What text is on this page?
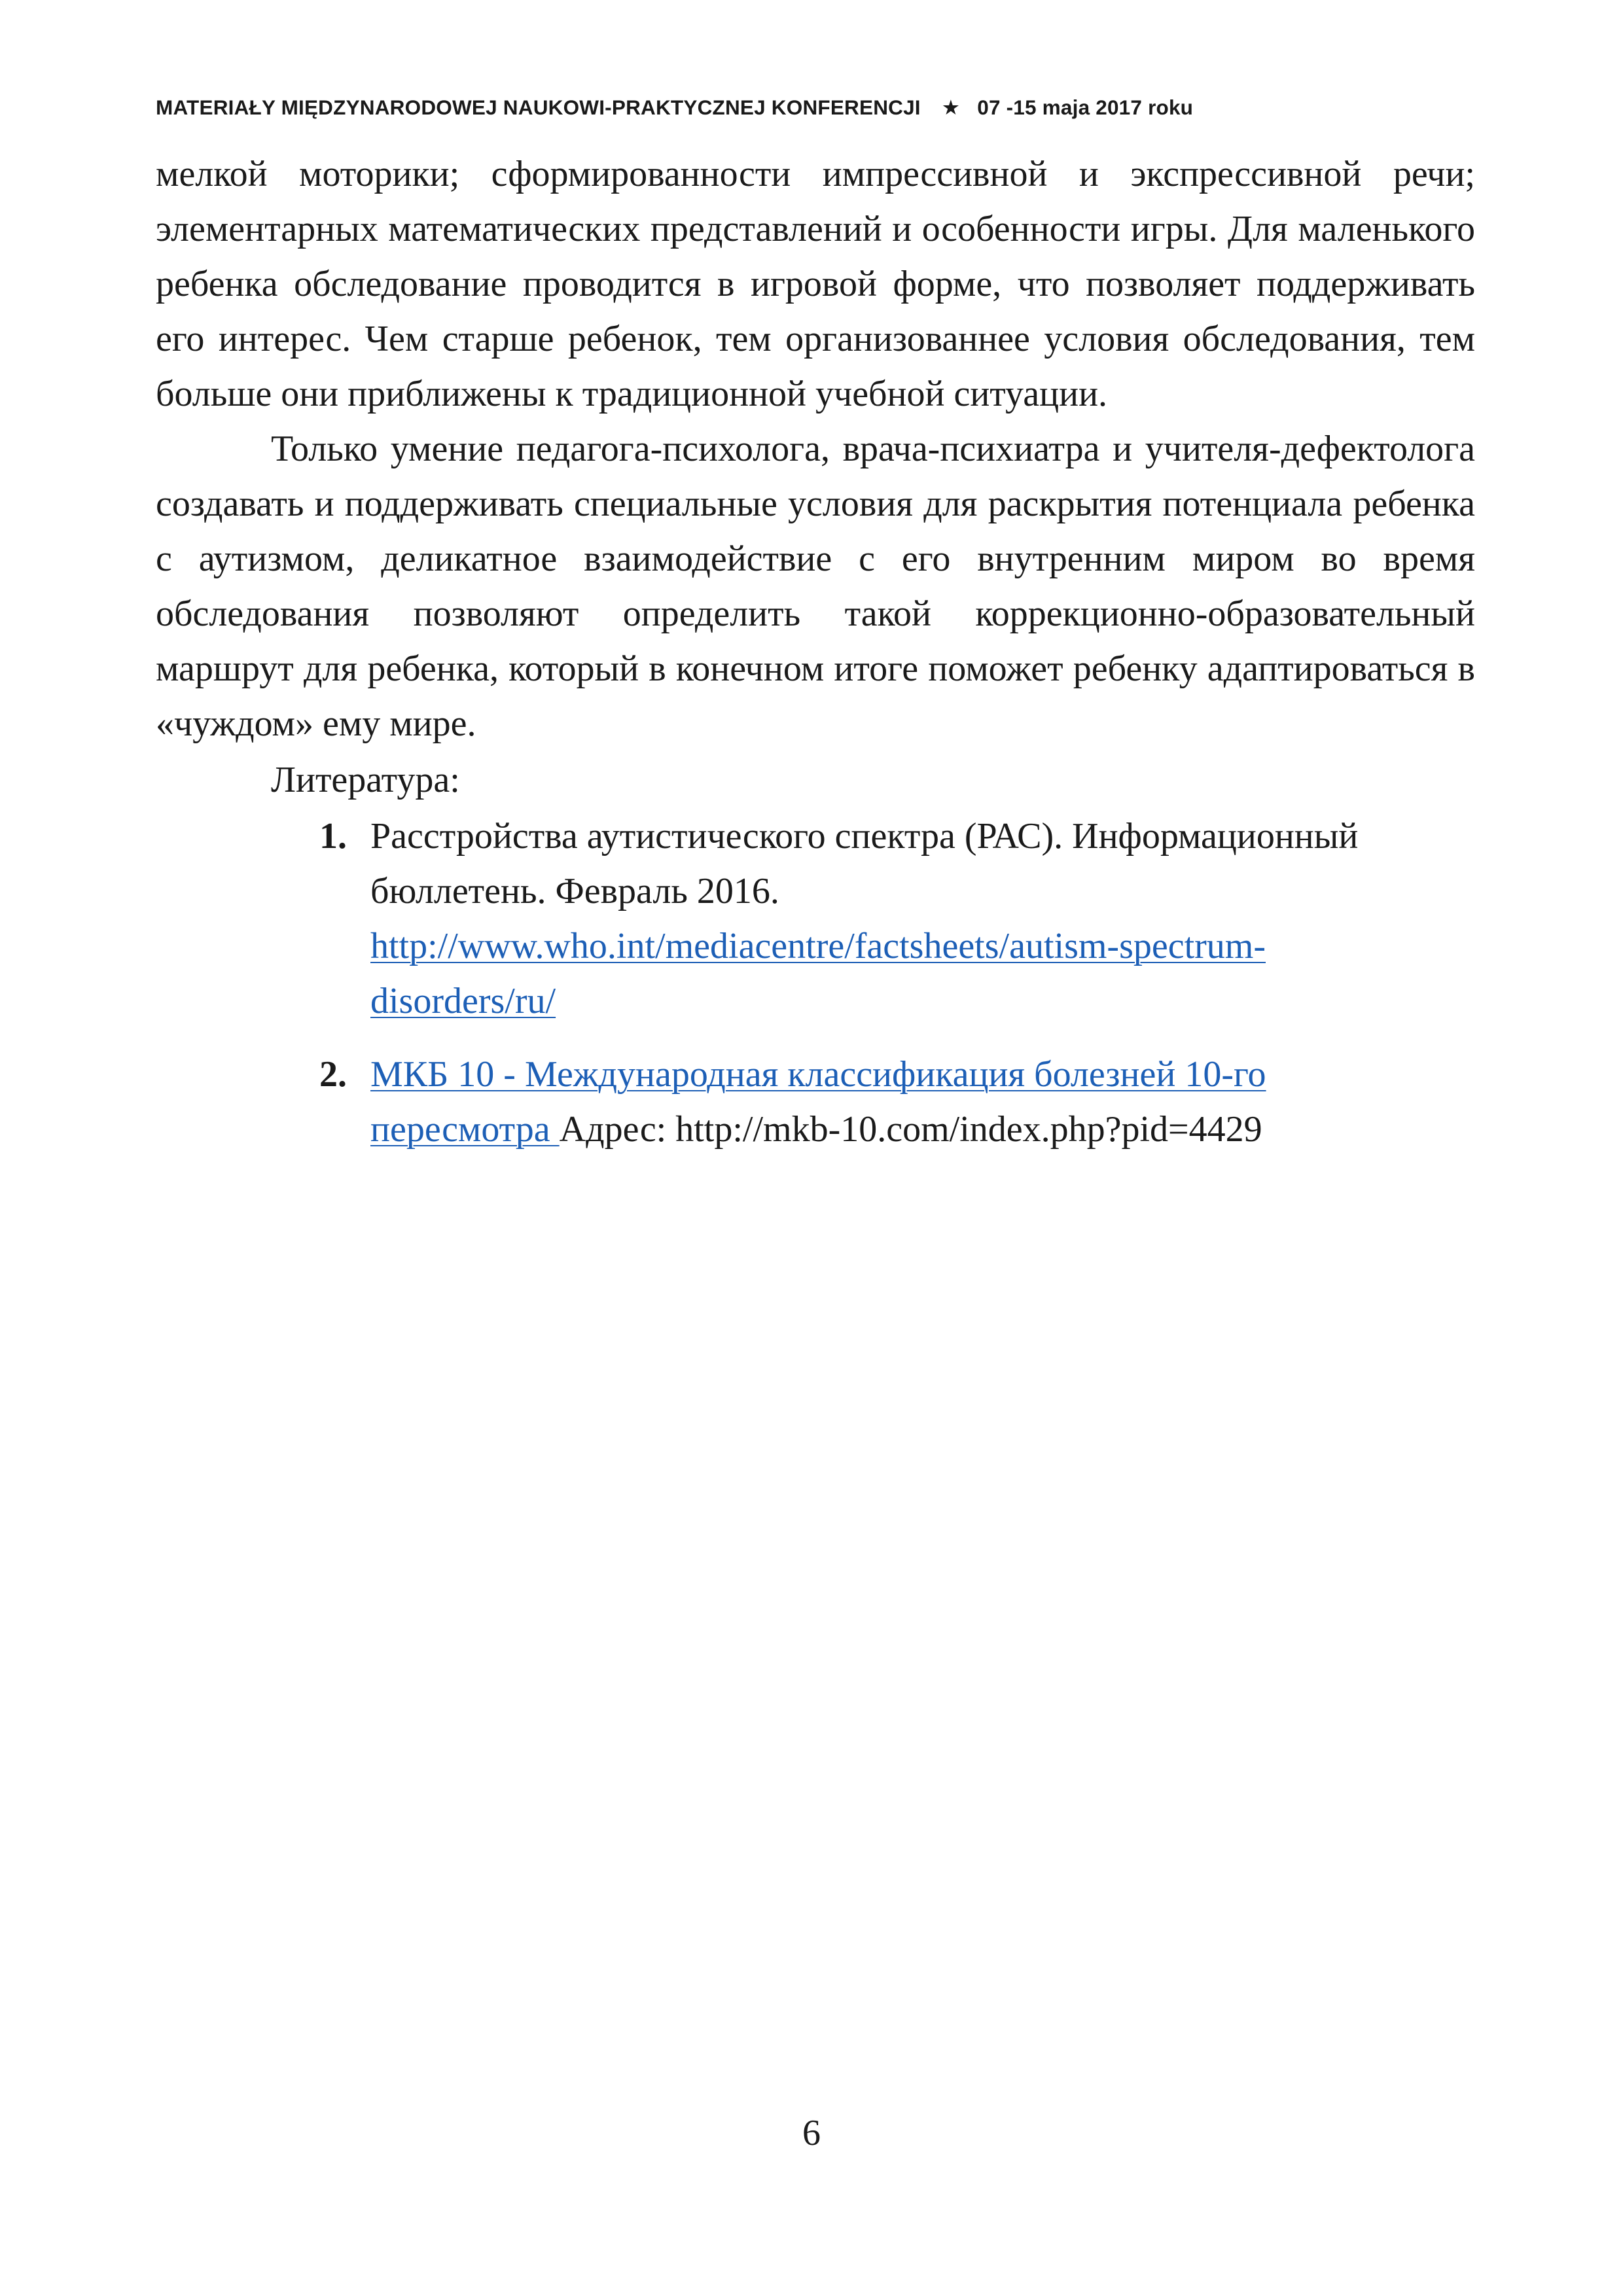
MATERIAŁY MIĘDZYNARODOWEJ NAUKOWI-PRAKTYCZNEJ KONFERENCJI ★ 07 -15 maja 2017 roku

мелкой моторики; сформированности импрессивной и экспрессивной речи; элементарных математических представлений и особенности игры. Для маленького ребенка обследование проводится в игровой форме, что позволяет поддерживать его интерес. Чем старше ребенок, тем организованнее условия обследования, тем больше они приближены к традиционной учебной ситуации.

Только умение педагога-психолога, врача-психиатра и учителя-дефектолога создавать и поддерживать специальные условия для раскрытия потенциала ребенка с аутизмом, деликатное взаимодействие с его внутренним миром во время обследования позволяют определить такой коррекционно-образовательный маршрут для ребенка, который в конечном итоге поможет ребенку адаптироваться в «чуждом» ему мире.

Литература:

1. Расстройства аутистического спектра (РАС). Информационный бюллетень. Февраль 2016.
http://www.who.int/mediacentre/factsheets/autism-spectrum-disorders/ru/
2. МКБ 10 - Международная классификация болезней 10-го пересмотра Адрес: http://mkb-10.com/index.php?pid=4429
6
